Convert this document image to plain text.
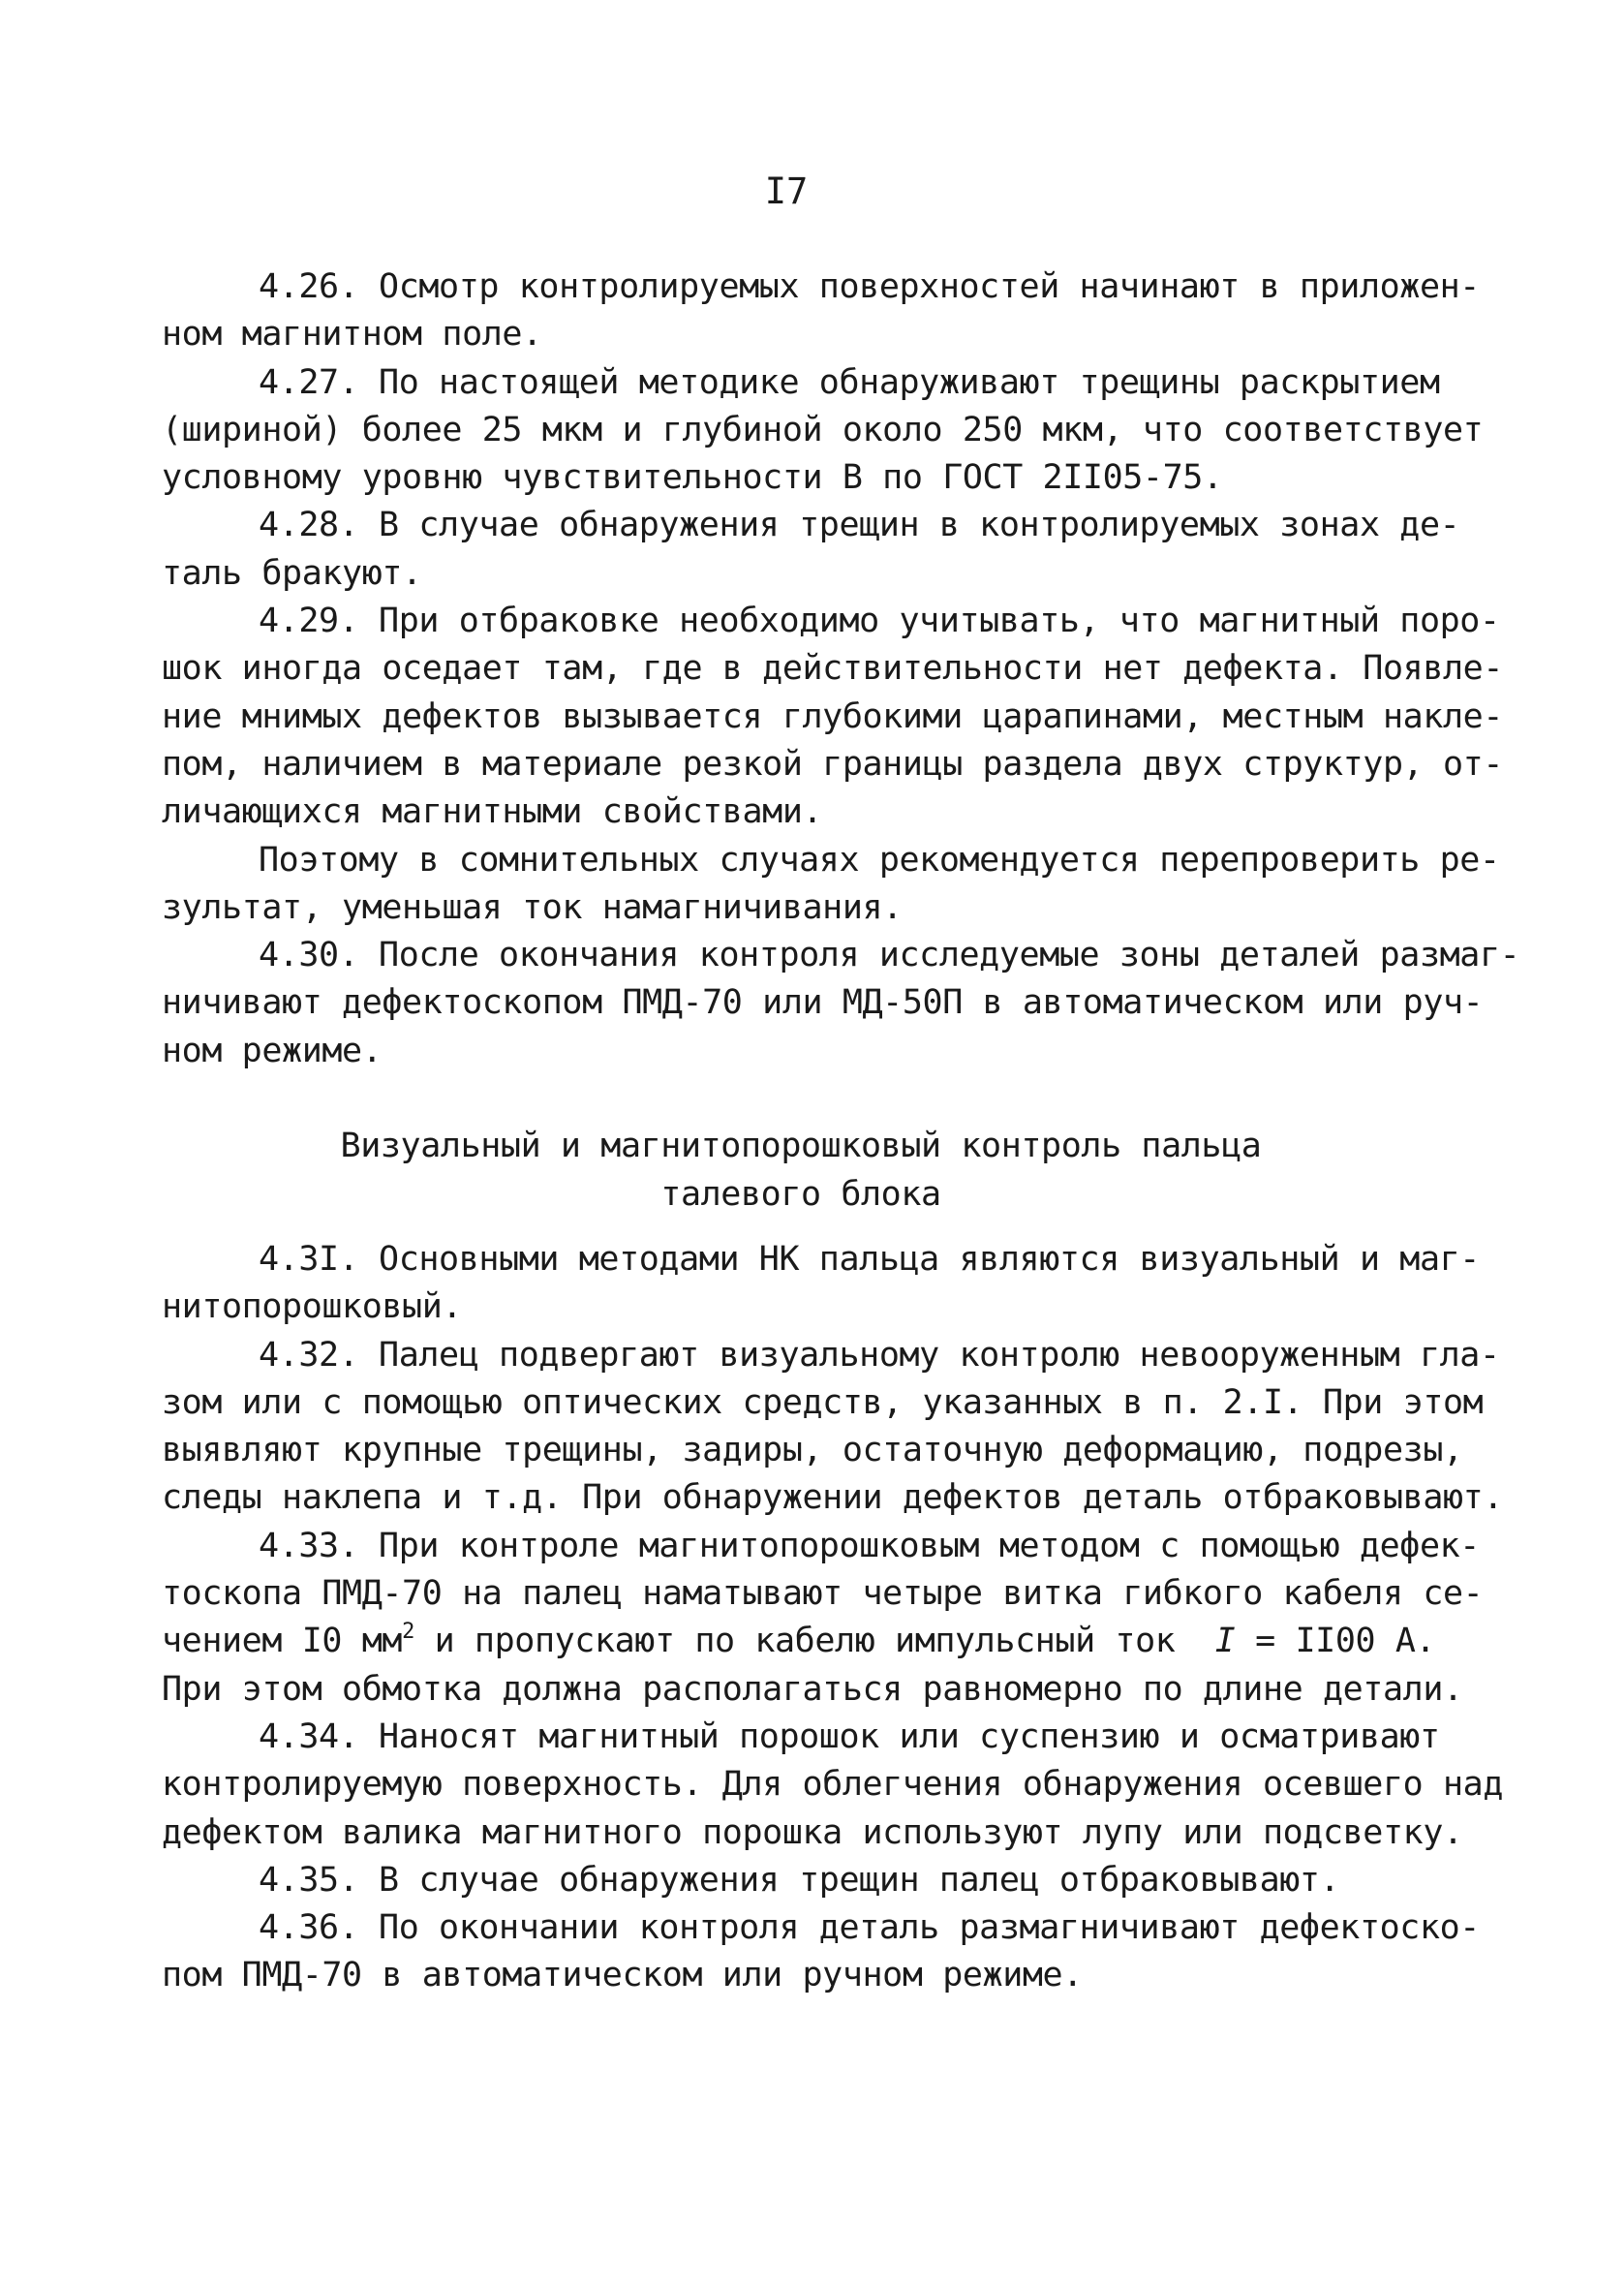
I7
4.26. Осмотр контролируемых поверхностей начинают в приложен-
ном магнитном поле.
4.27. По настоящей методике обнаруживают трещины раскрытием
(шириной) более 25 мкм и глубиной около 250 мкм, что соответствует
условному уровню чувствительности В по ГОСТ 2II05-75.
4.28. В случае обнаружения трещин в контролируемых зонах де-
таль бракуют.
4.29. При отбраковке необходимо учитывать, что магнитный поро-
шок иногда оседает там, где в действительности нет дефекта. Появле-
ние мнимых дефектов вызывается глубокими царапинами, местным накле-
пом, наличием в материале резкой границы раздела двух структур, от-
личающихся магнитными свойствами.
Поэтому в сомнительных случаях рекомендуется перепроверить ре-
зультат, уменьшая ток намагничивания.
4.30. После окончания контроля исследуемые зоны деталей размаг-
ничивают дефектоскопом ПМД-70 или МД-50П в автоматическом или руч-
ном режиме.
Визуальный и магнитопорошковый контроль пальца
талевого блока
4.3I. Основными методами НК пальца являются визуальный и маг-
нитопорошковый.
4.32. Палец подвергают визуальному контролю невооруженным гла-
зом или с помощью оптических средств, указанных в п. 2.I. При этом
выявляют крупные трещины, задиры, остаточную деформацию, подрезы,
следы наклепа и т.д. При обнаружении дефектов деталь отбраковывают.
4.33. При контроле магнитопорошковым методом с помощью дефек-
тоскопа ПМД-70 на палец наматывают четыре витка гибкого кабеля се-
чением I0 $мм^2$ и пропускают по кабелю импульсный ток  I = II00 А.
При этом обмотка должна располагаться равномерно по длине детали.
4.34. Наносят магнитный порошок или суспензию и осматривают
контролируемую поверхность. Для облегчения обнаружения осевшего над
дефектом валика магнитного порошка используют лупу или подсветку.
4.35. В случае обнаружения трещин палец отбраковывают.
4.36. По окончании контроля деталь размагничивают дефектоско-
пом ПМД-70 в автоматическом или ручном режиме.
